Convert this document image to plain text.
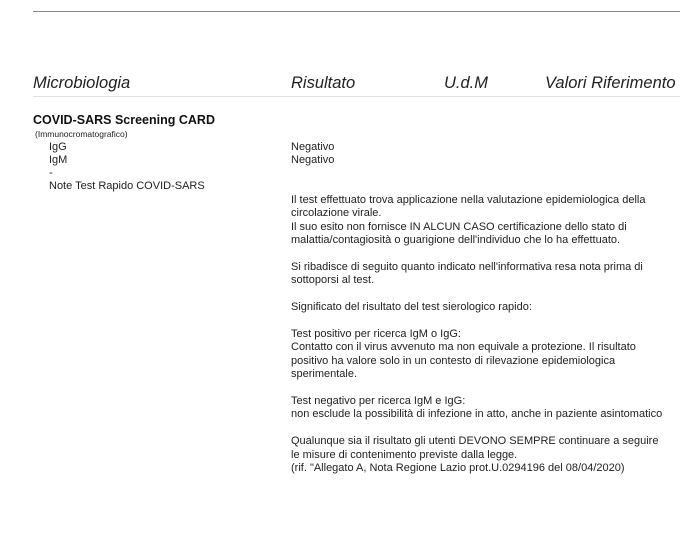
Microbiologia	Risultato	U.d.M	Valori Riferimento
COVID-SARS Screening CARD
(Immunocromatografico)
IgG	Negativo
IgM	Negativo
-
Note Test Rapido COVID-SARS

Il test effettuato trova applicazione nella valutazione epidemiologica della
circolazione virale.
Il suo esito non fornisce IN ALCUN CASO certificazione dello stato di
malattia/contagiosità o guarigione dell'individuo che lo ha effettuato.

Si ribadisce di seguito quanto indicato nell'informativa resa nota prima di
sottoporsi al test.

Significato del risultato del test sierologico rapido:

Test positivo per ricerca IgM o IgG:
Contatto con il virus avvenuto ma non equivale a protezione. Il risultato
positivo ha valore solo in un contesto di rilevazione epidemiologica
sperimentale.

Test negativo per ricerca IgM e IgG:
non esclude la possibilità di infezione in atto, anche in paziente asintomatico

Qualunque sia il risultato gli utenti DEVONO SEMPRE continuare a seguire
le misure di contenimento previste dalla legge.
(rif. "Allegato A, Nota Regione Lazio prot.U.0294196 del 08/04/2020)
